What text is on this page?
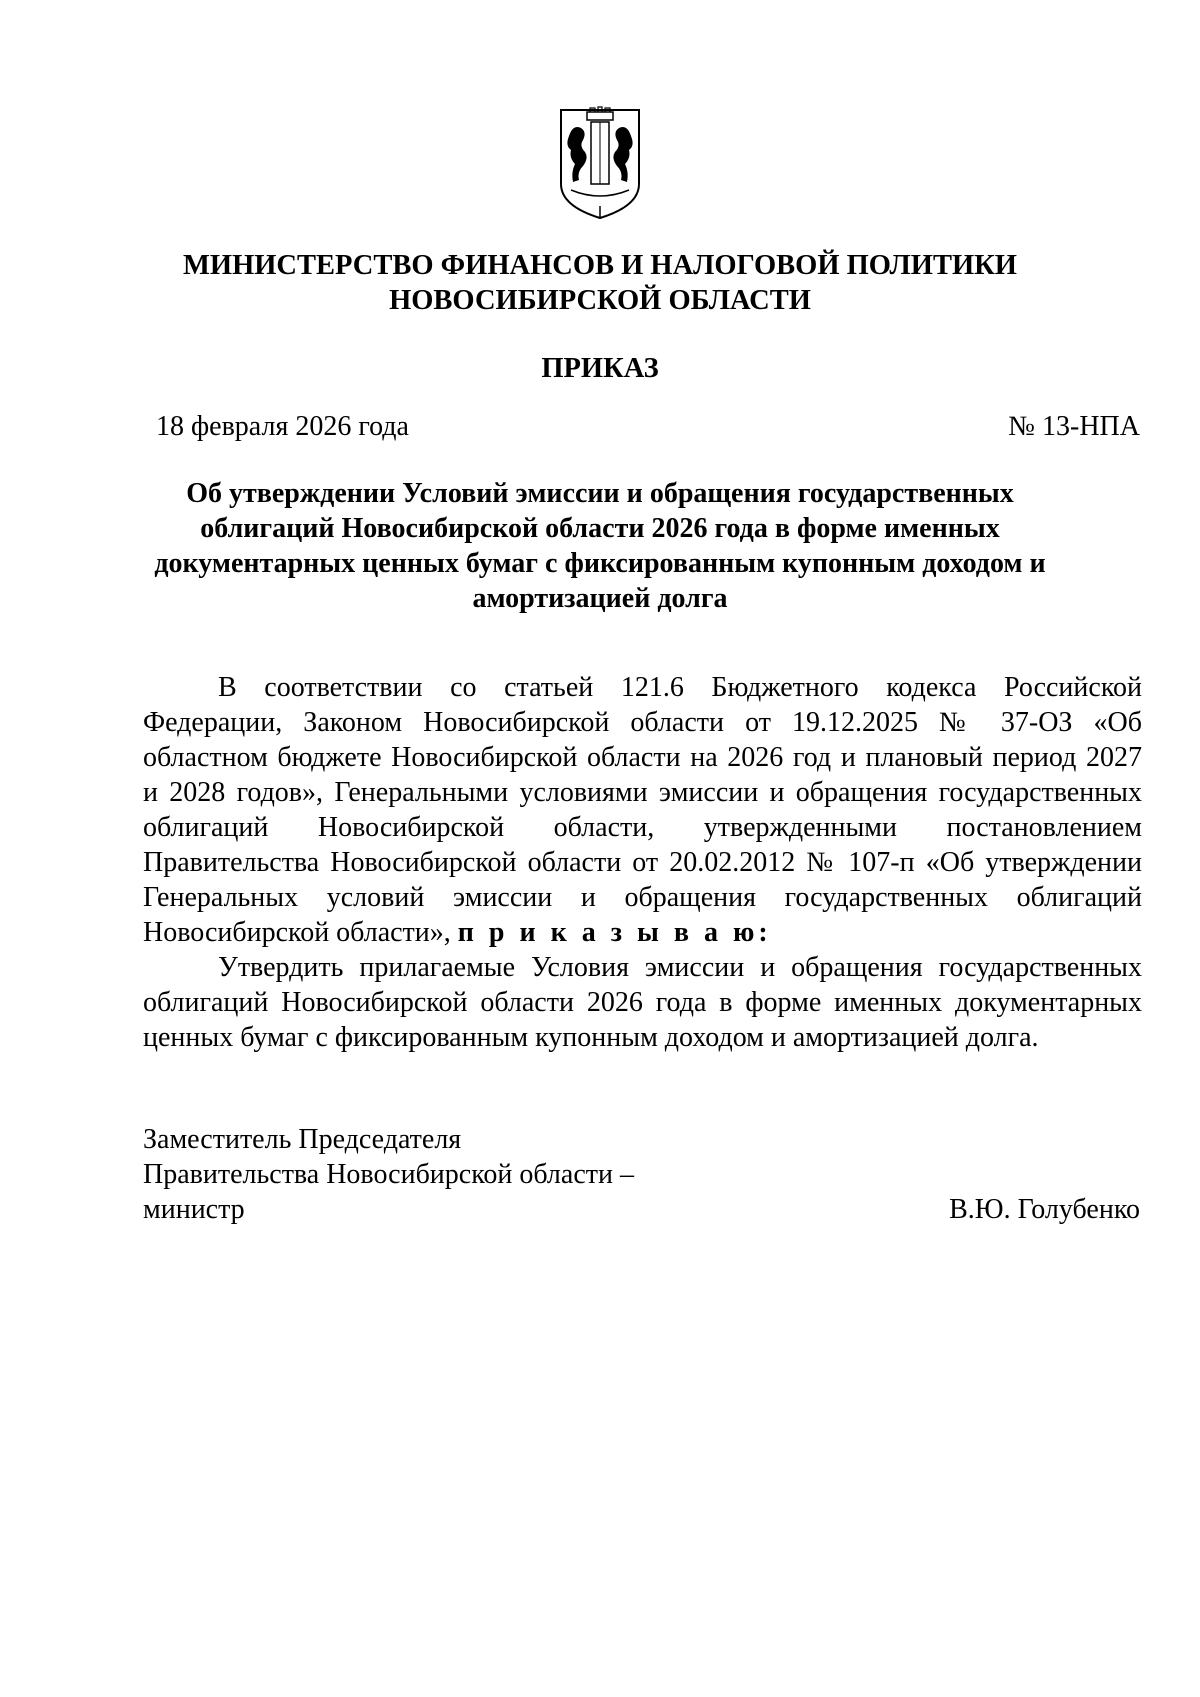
МИНИСТЕРСТВО ФИНАНСОВ И НАЛОГОВОЙ ПОЛИТИКИ
НОВОСИБИРСКОЙ ОБЛАСТИ
ПРИКАЗ
18 февраля 2026 года	№ 13-НПА
Об утверждении Условий эмиссии и обращения государственных
облигаций Новосибирской области 2026 года в форме именных
документарных ценных бумаг с фиксированным купонным доходом и
амортизацией долга
В соответствии со статьей 121.6 Бюджетного кодекса Российской
Федерации, Законом Новосибирской области от 19.12.2025 № 37-ОЗ «Об
областном бюджете Новосибирской области на 2026 год и плановый период 2027
и 2028 годов», Генеральными условиями эмиссии и обращения государственных
облигаций Новосибирской области, утвержденными постановлением
Правительства Новосибирской области от 20.02.2012 № 107-п «Об утверждении
Генеральных условий эмиссии и обращения государственных облигаций
Новосибирской области», п р и к а з ы в а ю:
Утвердить прилагаемые Условия эмиссии и обращения государственных
облигаций Новосибирской области 2026 года в форме именных документарных
ценных бумаг с фиксированным купонным доходом и амортизацией долга.
Заместитель Председателя
Правительства Новосибирской области –
министр	В.Ю. Голубенко
